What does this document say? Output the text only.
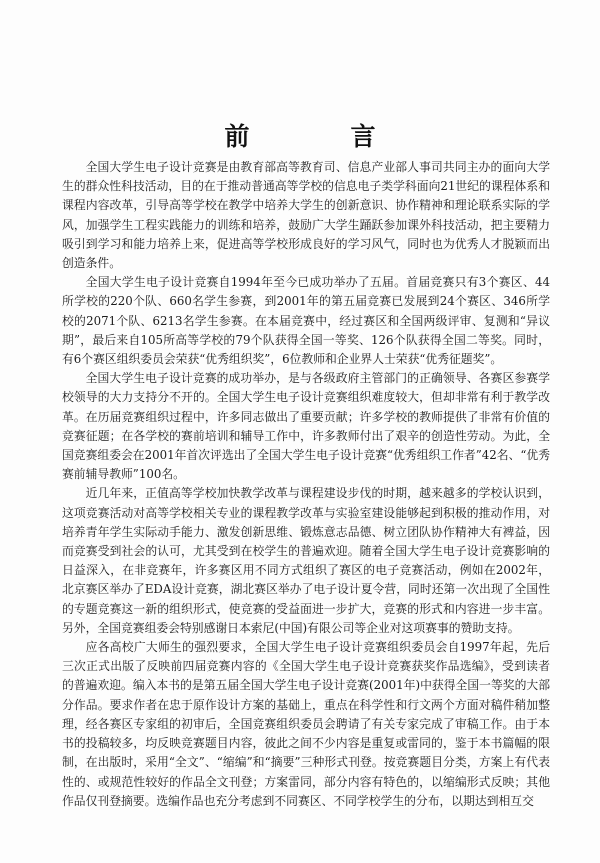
前　言

全国大学生电子设计竞赛是由教育部高等教育司、信息产业部人事司共同主办的面向大学生的群众性科技活动，目的在于推动普通高等学校的信息电子类学科面向21世纪的课程体系和课程内容改革，引导高等学校在教学中培养大学生的创新意识、协作精神和理论联系实际的学风，加强学生工程实践能力的训练和培养，鼓励广大学生踊跃参加课外科技活动，把主要精力吸引到学习和能力培养上来，促进高等学校形成良好的学习风气，同时也为优秀人才脱颖而出创造条件。

全国大学生电子设计竞赛自1994年至今已成功举办了五届。首届竞赛只有3个赛区、44所学校的220个队、660名学生参赛，到2001年的第五届竞赛已发展到24个赛区、346所学校的2071个队、6213名学生参赛。在本届竞赛中，经过赛区和全国两级评审、复测和“异议期”，最后来自105所高等学校的79个队获得全国一等奖、126个队获得全国二等奖。同时，有6个赛区组织委员会荣获“优秀组织奖”，6位教师和企业界人士荣获“优秀征题奖”。

全国大学生电子设计竞赛的成功举办，是与各级政府主管部门的正确领导、各赛区参赛学校领导的大力支持分不开的。全国大学生电子设计竞赛组织难度较大，但却非常有利于教学改革。在历届竞赛组织过程中，许多同志做出了重要贡献；许多学校的教师提供了非常有价值的竞赛征题；在各学校的赛前培训和辅导工作中，许多教师付出了艰辛的创造性劳动。为此，全国竞赛组委会在2001年首次评选出了全国大学生电子设计竞赛“优秀组织工作者”42名、“优秀赛前辅导教师”100名。

近几年来，正值高等学校加快教学改革与课程建设步伐的时期，越来越多的学校认识到，这项竞赛活动对高等学校相关专业的课程教学改革与实验室建设能够起到积极的推动作用，对培养青年学生实际动手能力、激发创新思维、锻炼意志品德、树立团队协作精神大有裨益，因而竞赛受到社会的认可，尤其受到在校学生的普遍欢迎。随着全国大学生电子设计竞赛影响的日益深入，在非竞赛年，许多赛区用不同方式组织了赛区的电子竞赛活动，例如在2002年，北京赛区举办了EDA设计竞赛，湖北赛区举办了电子设计夏令营，同时还第一次出现了全国性的专题竞赛这一新的组织形式，使竞赛的受益面进一步扩大，竞赛的形式和内容进一步丰富。另外，全国竞赛组委会特别感谢日本索尼(中国)有限公司等企业对这项赛事的赞助支持。

应各高校广大师生的强烈要求，全国大学生电子设计竞赛组织委员会自1997年起，先后三次正式出版了反映前四届竞赛内容的《全国大学生电子设计竞赛获奖作品选编》，受到读者的普遍欢迎。编入本书的是第五届全国大学生电子设计竞赛(2001年)中获得全国一等奖的大部分作品。要求作者在忠于原作设计方案的基础上，重点在科学性和行文两个方面对稿件稍加整理，经各赛区专家组的初审后，全国竞赛组织委员会聘请了有关专家完成了审稿工作。由于本书的投稿较多，均反映竞赛题目内容，彼此之间不少内容是重复或雷同的，鉴于本书篇幅的限制，在出版时，采用“全文”、“缩编”和“摘要”三种形式刊登。按竞赛题目分类，方案上有代表性的、或规范性较好的作品全文刊登；方案雷同，部分内容有特色的，以缩编形式反映；其他作品仅刊登摘要。选编作品也充分考虑到不同赛区、不同学校学生的分布，以期达到相互交
